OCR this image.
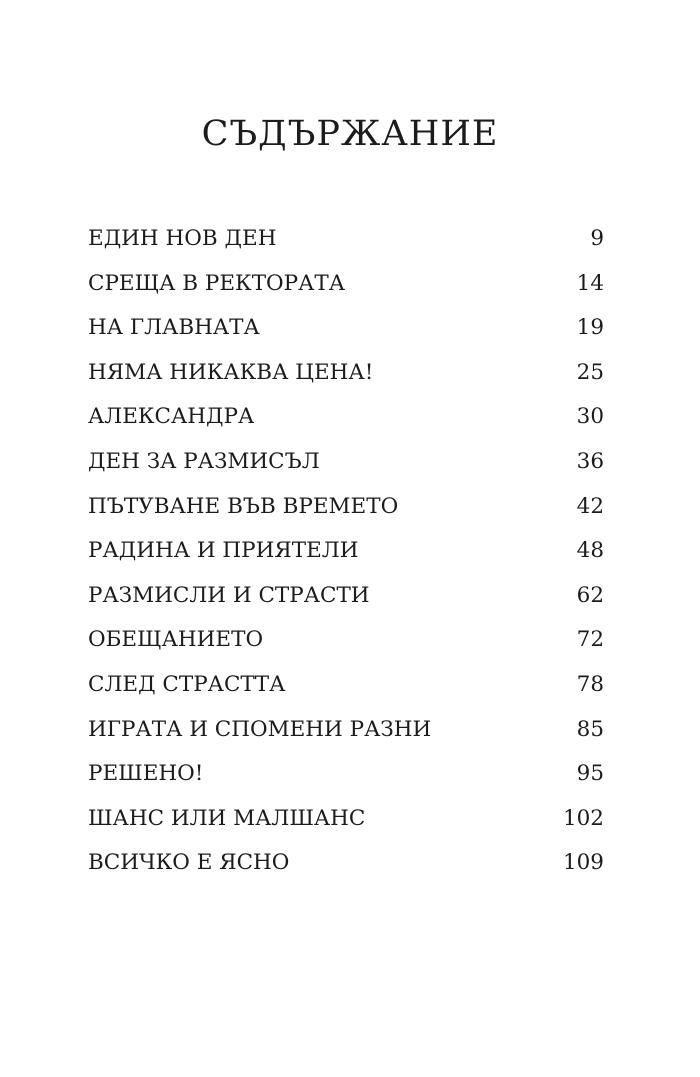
СЪДЪРЖАНИЕ
ЕДИН НОВ ДЕН	9
СРЕЩА В РЕКТОРАТА	14
НА ГЛАВНАТА	19
НЯМА НИКАКВА ЦЕНА!	25
АЛЕКСАНДРА	30
ДЕН ЗА РАЗМИСЪЛ	36
ПЪТУВАНЕ ВЪВ ВРЕМЕТО	42
РАДИНА И ПРИЯТЕЛИ	48
РАЗМИСЛИ И СТРАСТИ	62
ОБЕЩАНИЕТО	72
СЛЕД СТРАСТТА	78
ИГРАТА И СПОМЕНИ РАЗНИ	85
РЕШЕНО!	95
ШАНС ИЛИ МАЛШАНС	102
ВСИЧКО Е ЯСНО	109
